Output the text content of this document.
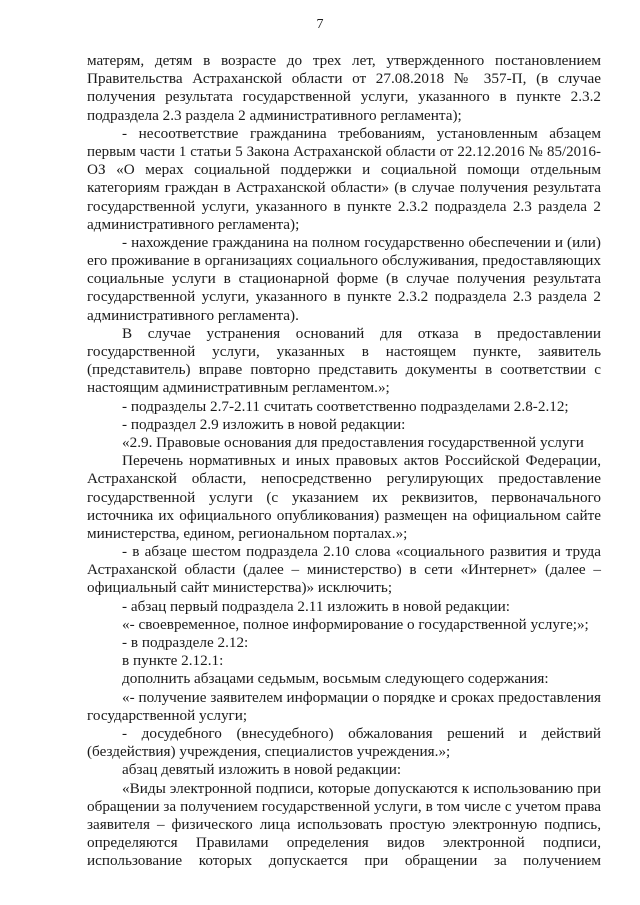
7
матерям, детям в возрасте до трех лет, утвержденного постановлением
Правительства Астраханской области от 27.08.2018 № 357-П, (в случае
получения результата государственной услуги, указанного в пункте 2.3.2
подраздела 2.3 раздела 2 административного регламента);
- несоответствие гражданина требованиям, установленным абзацем
первым части 1 статьи 5 Закона Астраханской области от 22.12.2016 № 85/2016-
ОЗ «О мерах социальной поддержки и социальной помощи отдельным
категориям граждан в Астраханской области» (в случае получения результата
государственной услуги, указанного в пункте 2.3.2 подраздела 2.3 раздела 2
административного регламента);
- нахождение гражданина на полном государственно обеспечении и (или)
его проживание в организациях социального обслуживания, предоставляющих
социальные услуги в стационарной форме (в случае получения результата
государственной услуги, указанного в пункте 2.3.2 подраздела 2.3 раздела 2
административного регламента).
В случае устранения оснований для отказа в предоставлении
государственной услуги, указанных в настоящем пункте, заявитель
(представитель) вправе повторно представить документы в соответствии с
настоящим административным регламентом.»;
- подразделы 2.7-2.11 считать соответственно подразделами 2.8-2.12;
- подраздел 2.9 изложить в новой редакции:
«2.9. Правовые основания для предоставления государственной услуги
Перечень нормативных и иных правовых актов Российской Федерации,
Астраханской области, непосредственно регулирующих предоставление
государственной услуги (с указанием их реквизитов, первоначального
источника их официального опубликования) размещен на официальном сайте
министерства, едином, региональном порталах.»;
- в абзаце шестом подраздела 2.10 слова «социального развития и труда
Астраханской области (далее – министерство) в сети «Интернет» (далее –
официальный сайт министерства)» исключить;
- абзац первый подраздела 2.11 изложить в новой редакции:
«- своевременное, полное информирование о государственной услуге;»;
- в подразделе 2.12:
в пункте 2.12.1:
дополнить абзацами седьмым, восьмым следующего содержания:
«- получение заявителем информации о порядке и сроках предоставления
государственной услуги;
- досудебного (внесудебного) обжалования решений и действий
(бездействия) учреждения, специалистов учреждения.»;
абзац девятый изложить в новой редакции:
«Виды электронной подписи, которые допускаются к использованию при
обращении за получением государственной услуги, в том числе с учетом права
заявителя – физического лица использовать простую электронную подпись,
определяются Правилами определения видов электронной подписи,
использование которых допускается при обращении за получением
